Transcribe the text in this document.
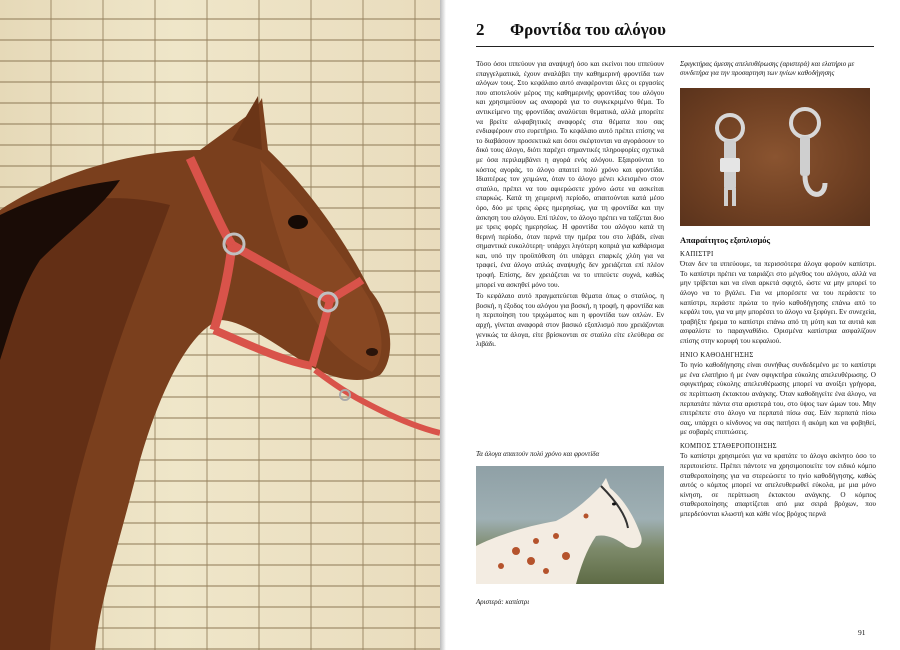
2 Φροντίδα του αλόγου

Τόσο όσοι ιππεύουν για αναψυχή όσο και εκείνοι που ιππεύουν επαγγελματικά, έχουν αναλάβει την καθημερινή φροντίδα των αλόγων τους. Στο κεφάλαιο αυτό αναφέρονται όλες οι εργασίες που αποτελούν μέρος της καθημερινής φροντίδας του αλόγου και χρησιμεύουν ως αναφορά για το συγκεκριμένο θέμα. Το αντικείμενο της φροντίδας αναλύεται θεματικά, αλλά μπορείτε να βρείτε αλφαβητικές αναφορές στα θέματα που σας ενδιαφέρουν στο ευρετήριο. Το κεφάλαιο αυτό πρέπει επίσης να το διαβάσουν προσεκτικά και όσοι σκέφτονται να αγοράσουν το δικό τους άλογο, διότι παρέχει σημαντικές πληροφορίες σχετικά με όσα περιλαμβάνει η αγορά ενός αλόγου. Εξαιρούνται το κόστος αγοράς, το άλογο απαιτεί πολύ χρόνο και φροντίδα. Ιδιαιτέρως τον χειμώνα, όταν το άλογο μένει κλεισμένο στον σταύλο, πρέπει να του αφιερώσετε χρόνο ώστε να ασκείται επαρκώς. Κατά τη χειμερινή περίοδο, απαιτούνται κατά μέσο όρο, δύο με τρεις ώρες ημερησίως, για τη φροντίδα και την άσκηση του αλόγου. Επί πλέον, το άλογο πρέπει να ταΐζεται δυο με τρεις φορές ημερησίως. Η φροντίδα του αλόγου κατά τη θερινή περίοδο, όταν περνά την ημέρα του στο λιβάδι, είναι σημαντικά ευκολότερη· υπάρχει λιγότερη κοπριά για καθάρισμα και, υπό την προϋπόθεση ότι υπάρχει επαρκές χλόη για να τραφεί, ένα άλογο απλώς αναψυχής δεν χρειάζεται επί πλέον τροφή. Επίσης, δεν χρειάζεται να το ιππεύετε συχνά, καθώς μπορεί να ασκηθεί μόνο του.

Το κεφάλαιο αυτό πραγματεύεται θέματα όπως ο σταύλος, η βοσκή, η έξοδος του αλόγου για βοσκή, η τροφή, η φροντίδα και η περιποίηση του τριχώματος και η φροντίδα των οπλών. Εν αρχή, γίνεται αναφορά στον βασικό εξοπλισμό που χρειάζονται γενικώς τα άλογα, είτε βρίσκονται σε σταύλο είτε ελεύθερα σε λιβάδι.

Τα άλογα απαιτούν πολύ χρόνο και φροντίδα
Αριστερά: καπίστρι
Σφιγκτήρας άμεσης απελευθέρωσης (αριστερά) και ελατήριο με συνδετήρα για την προσαρτηση των ηνίων καθοδήγησης
Απαραίτητος εξοπλισμός
ΚΑΠΙΣΤΡΙ

Όταν δεν τα ιππεύουμε, τα περισσότερα άλογα φορούν καπίστρι. Το καπίστρι πρέπει να ταιριάζει στο μέγεθος του αλόγου, αλλά να μην τρίβεται και να είναι αρκετά σφιχτό, ώστε να μην μπορεί το άλογο να το βγάλει. Για να μπορέσετε να του περάσετε το καπίστρι, περάστε πρώτα το ηνίο καθοδήγησης επάνω από το κεφάλι του, για να μην μπορέσει το άλογο να ξεφύγει. Εν συνεχεία, τραβήξτε ήρεμα το καπίστρι επάνω από τη μύτη και τα αυτιά και ασφαλίστε το παραγναθίδιο. Ορισμένα καπίστρια ασφαλίζουν επίσης στην κορυφή του κεφαλιού.

ΗΝΙΟ ΚΑΘΟΔΗΓΗΣΗΣ

Το ηνίο καθοδήγησης είναι συνήθως συνδεδεμένο με το καπίστρι με ένα ελατήριο ή με έναν σφιγκτήρα εύκολης απελευθέρωσης. Ο σφιγκτήρας εύκολης απελευθέρωσης μπορεί να ανοίξει γρήγορα, σε περίπτωση έκτακτου ανάγκης. Όταν καθοδηγείτε ένα άλογο, να περπατάτε πάντα στα αριστερά του, στο ύψος των ώμων του. Μην επιτρέπετε στο άλογο να περπατά πίσω σας. Εάν περπατά πίσω σας, υπάρχει ο κίνδυνος να σας πατήσει ή ακόμη και να φοβηθεί, με σοβαρές επιπτώσεις.

ΚΟΜΠΟΣ ΣΤΑΘΕΡΟΠΟΙΗΣΗΣ

Το καπίστρι χρησιμεύει για να κρατάτε το άλογο ακίνητο όσο το περιποιείστε. Πρέπει πάντοτε να χρησιμοποιείτε τον ειδικό κόμπο σταθεροποίησης για να στερεώσετε το ηνίο καθοδήγησης, καθώς αυτός ο κόμπος μπορεί να απελευθερωθεί εύκολα, με μια μόνο κίνηση, σε περίπτωση έκτακτου ανάγκης. Ο κόμπος σταθεροποίησης απαρτίζεται από μια σειρά βρόχων, που μπερδεύονται κλωστή και κάθε νέος βρόχος περνά

91
